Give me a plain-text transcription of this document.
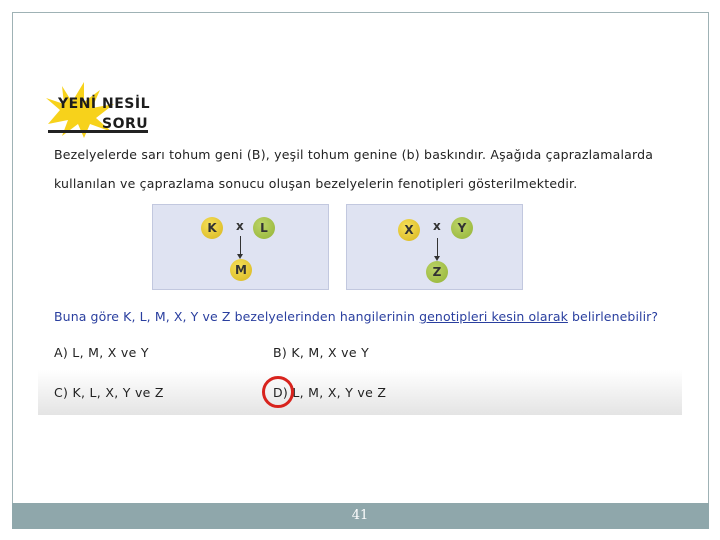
YENİ NESİL
SORU
Bezelyelerde sarı tohum geni (B), yeşil tohum genine (b) baskındır. Aşağıda çaprazlamalarda
kullanılan ve çaprazlama sonucu oluşan bezelyelerin fenotipleri gösterilmektedir.
K	x	L
M
X	x	Y
Z
Buna göre K, L, M, X, Y ve Z bezelyelerinden hangilerinin genotipleri kesin olarak belirlenebilir?
A) L, M, X ve Y	B) K, M, X ve Y
C) K, L, X, Y ve Z	D) L, M, X, Y ve Z
41
